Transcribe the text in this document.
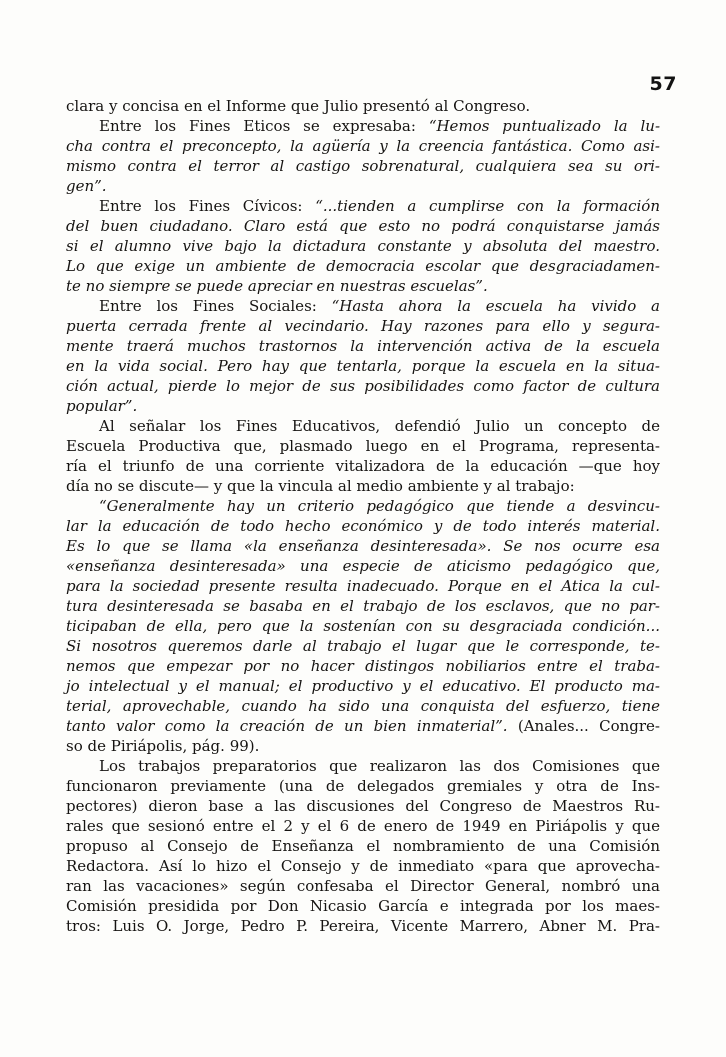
57
clara y concisa en el Informe que Julio presentó al Congreso.
Entre los Fines Eticos se expresaba: “Hemos puntualizado la lu-
cha contra el preconcepto, la agüería y la creencia fantástica. Como asi-
mismo contra el terror al castigo sobrenatural, cualquiera sea su ori-
gen”.
Entre los Fines Cívicos: “...tienden a cumplirse con la formación
del buen ciudadano. Claro está que esto no podrá conquistarse jamás
si el alumno vive bajo la dictadura constante y absoluta del maestro.
Lo que exige un ambiente de democracia escolar que desgraciadamen-
te no siempre se puede apreciar en nuestras escuelas”.
Entre los Fines Sociales: “Hasta ahora la escuela ha vivido a
puerta cerrada frente al vecindario. Hay razones para ello y segura-
mente traerá muchos trastornos la intervención activa de la escuela
en la vida social. Pero hay que tentarla, porque la escuela en la situa-
ción actual, pierde lo mejor de sus posibilidades como factor de cultura
popular”.
Al señalar los Fines Educativos, defendió Julio un concepto de
Escuela Productiva que, plasmado luego en el Programa, representa-
ría el triunfo de una corriente vitalizadora de la educación —que hoy
día no se discute— y que la vincula al medio ambiente y al trabajo:
“Generalmente hay un criterio pedagógico que tiende a desvincu-
lar la educación de todo hecho económico y de todo interés material.
Es lo que se llama «la enseñanza desinteresada». Se nos ocurre esa
«enseñanza desinteresada» una especie de aticismo pedagógico que,
para la sociedad presente resulta inadecuado. Porque en el Atica la cul-
tura desinteresada se basaba en el trabajo de los esclavos, que no par-
ticipaban de ella, pero que la sostenían con su desgraciada condición...
Si nosotros queremos darle al trabajo el lugar que le corresponde, te-
nemos que empezar por no hacer distingos nobiliarios entre el traba-
jo intelectual y el manual; el productivo y el educativo. El producto ma-
terial, aprovechable, cuando ha sido una conquista del esfuerzo, tiene
tanto valor como la creación de un bien inmaterial”. (Anales... Congre-
so de Piriápolis, pág. 99).
Los trabajos preparatorios que realizaron las dos Comisiones que
funcionaron previamente (una de delegados gremiales y otra de Ins-
pectores) dieron base a las discusiones del Congreso de Maestros Ru-
rales que sesionó entre el 2 y el 6 de enero de 1949 en Piriápolis y que
propuso al Consejo de Enseñanza el nombramiento de una Comisión
Redactora. Así lo hizo el Consejo y de inmediato «para que aprovecha-
ran las vacaciones» según confesaba el Director General, nombró una
Comisión presidida por Don Nicasio García e integrada por los maes-
tros: Luis O. Jorge, Pedro P. Pereira, Vicente Marrero, Abner M. Pra-
